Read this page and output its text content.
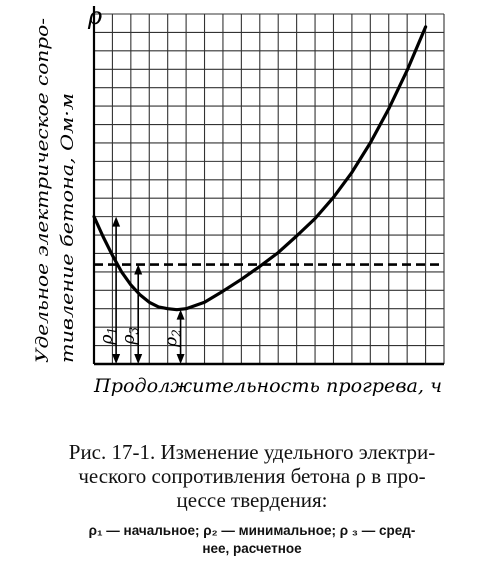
$\rho_1$
$\rho_3$
$\rho_2$
ρ
Удельное электрическое сопро- тивление бетона, Ом·м
Продолжительность прогрева, ч
Рис. 17-1. Изменение удельного электри-
ческого сопротивления бетона ρ в про-
цессе твердения:
ρ₁ — начальное; ρ₂ — минимальное; ρ ₃ — сред-
нее, расчетное
